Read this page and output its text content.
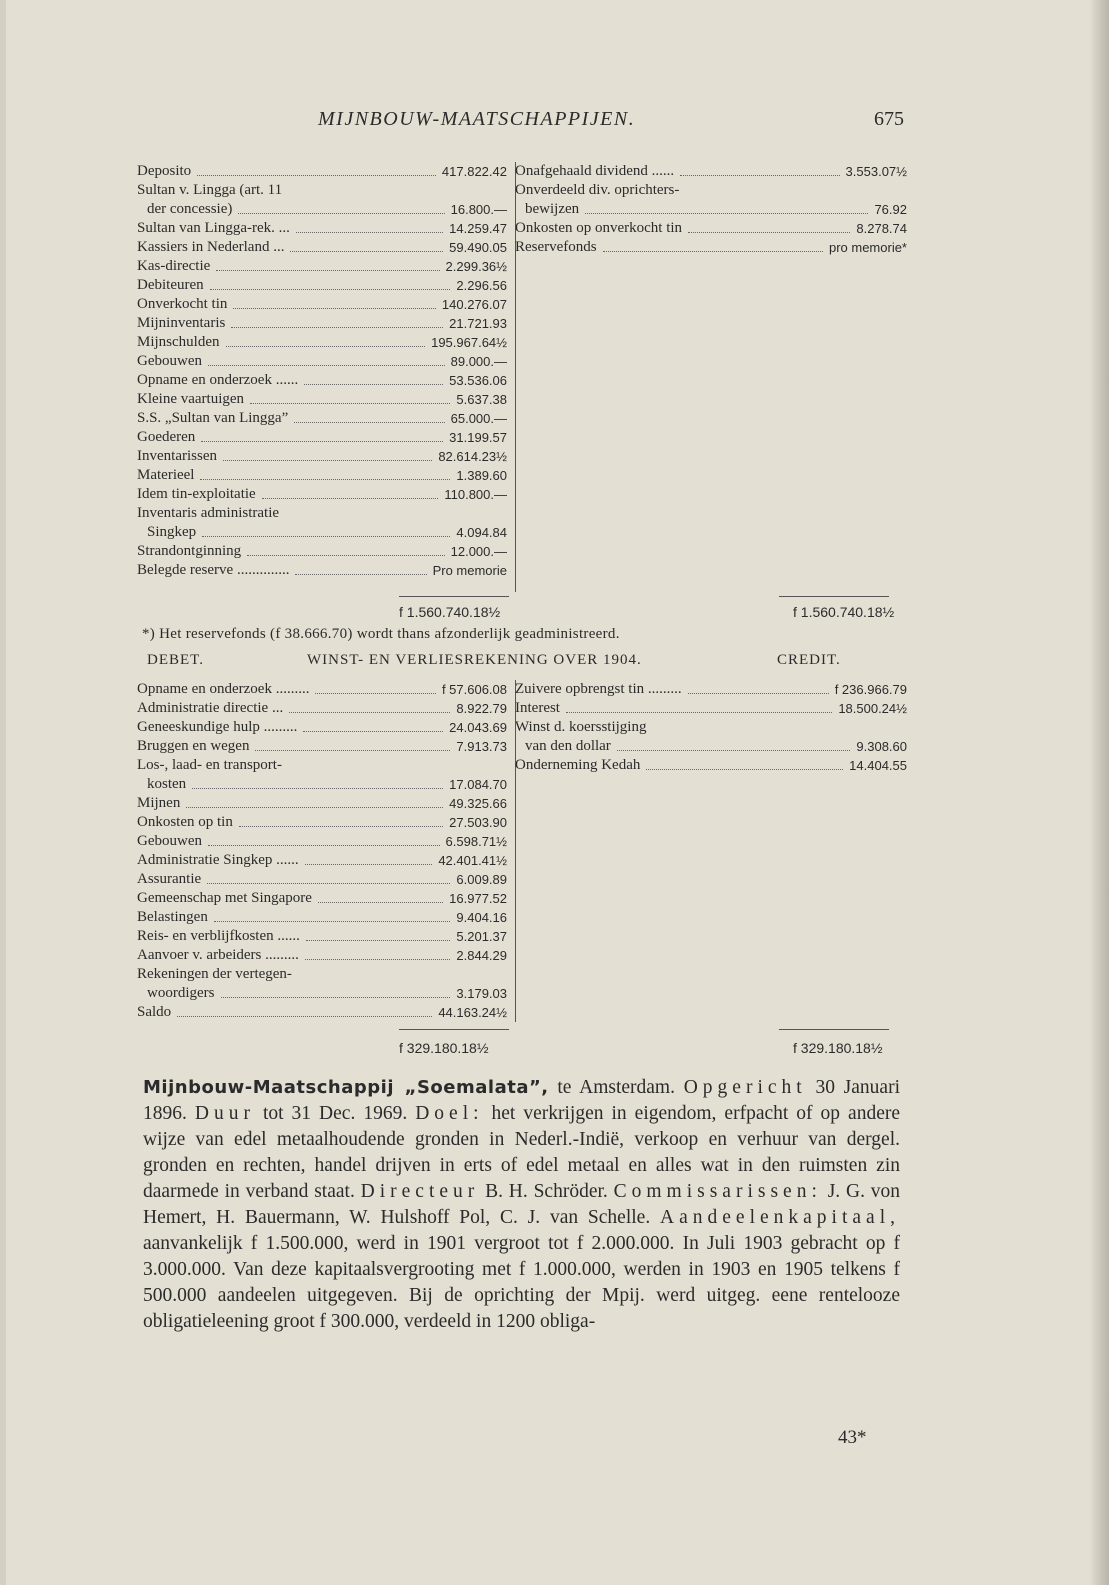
MIJNBOUW-MAATSCHAPPIJEN.	675
Deposito	417.822.42
Sultan v. Lingga (art. 11
der concessie)	16.800.—
Sultan van Lingga-rek. ...	14.259.47
Kassiers in Nederland ...	59.490.05
Kas-directie	2.299.36½
Debiteuren	2.296.56
Onverkocht tin	140.276.07
Mijninventaris	21.721.93
Mijnschulden	195.967.64½
Gebouwen	89.000.—
Opname en onderzoek ......	53.536.06
Kleine vaartuigen	5.637.38
S.S. „Sultan van Lingga”	65.000.—
Goederen	31.199.57
Inventarissen	82.614.23½
Materieel	1.389.60
Idem tin-exploitatie	110.800.—
Inventaris administratie
Singkep	4.094.84
Strandontginning	12.000.—
Belegde reserve ..............	Pro memorie
Onafgehaald dividend ......	3.553.07½
Onverdeeld div. oprichters-
bewijzen	76.92
Onkosten op onverkocht tin	8.278.74
Reservefonds	pro memorie*
f 1.560.740.18½	f 1.560.740.18½
*) Het reservefonds (f 38.666.70) wordt thans afzonderlijk geadministreerd.
DEBET.	WINST- EN VERLIESREKENING OVER 1904.	CREDIT.
Opname en onderzoek .........	f 57.606.08
Administratie directie ...	8.922.79
Geneeskundige hulp .........	24.043.69
Bruggen en wegen	7.913.73
Los-, laad- en transport-
kosten	17.084.70
Mijnen	49.325.66
Onkosten op tin	27.503.90
Gebouwen	6.598.71½
Administratie Singkep ......	42.401.41½
Assurantie	6.009.89
Gemeenschap met Singapore	16.977.52
Belastingen	9.404.16
Reis- en verblijfkosten ......	5.201.37
Aanvoer v. arbeiders .........	2.844.29
Rekeningen der vertegen-
woordigers	3.179.03
Saldo	44.163.24½
Zuivere opbrengst tin .........	f 236.966.79
Interest	18.500.24½
Winst d. koersstijging
van den dollar	9.308.60
Onderneming Kedah	14.404.55
f 329.180.18½	f 329.180.18½
Mijnbouw-Maatschappij „Soemalata”, te Amsterdam. Opgericht 30 Januari 1896. Duur tot 31 Dec. 1969. Doel: het verkrijgen in eigendom, erfpacht of op andere wijze van edel metaalhoudende gronden in Nederl.-Indië, verkoop en verhuur van dergel. gronden en rechten, handel drijven in erts of edel metaal en alles wat in den ruimsten zin daarmede in verband staat. Directeur B. H. Schröder. Commissarissen: J. G. von Hemert, H. Bauermann, W. Hulshoff Pol, C. J. van Schelle. Aandeelenkapitaal, aanvankelijk f 1.500.000, werd in 1901 vergroot tot f 2.000.000. In Juli 1903 gebracht op f 3.000.000. Van deze kapitaalsvergrooting met f 1.000.000, werden in 1903 en 1905 telkens f 500.000 aandeelen uitgegeven. Bij de oprichting der Mpij. werd uitgeg. eene rentelooze obligatieleening groot f 300.000, verdeeld in 1200 obliga-
43*
